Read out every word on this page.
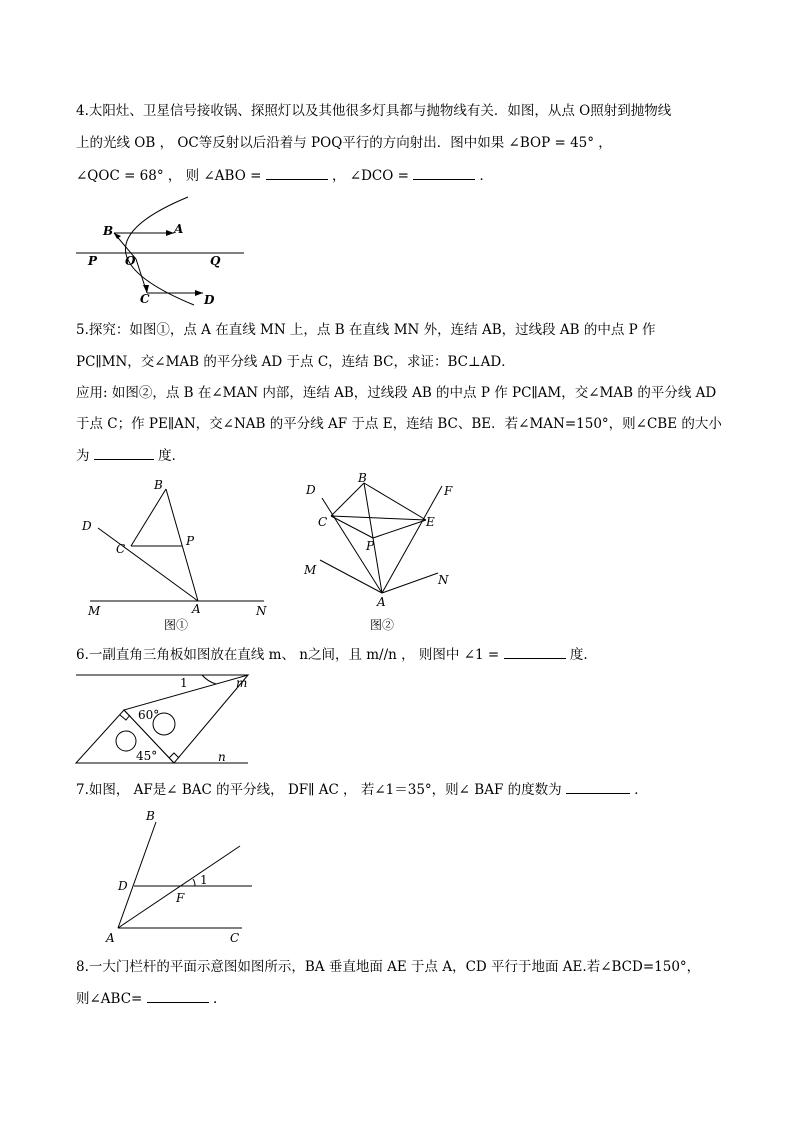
4.太阳灶、卫星信号接收锅、探照灯以及其他很多灯具都与抛物线有关．如图，从点 O照射到抛物线
上的光线 OB ， OC等反射以后沿着与 POQ平行的方向射出．图中如果 ∠BOP = 45° ，
∠QOC = 68° ， 则 ∠ABO =	， ∠DCO =	．
B	A
P O	Q
C	D
5.探究：如图①，点 A 在直线 MN 上，点 B 在直线 MN 外，连结 AB，过线段 AB 的中点 P 作
PC∥MN，交∠MAB 的平分线 AD 于点 C，连结 BC，求证：BC⊥AD．
应用: 如图②，点 B 在∠MAN 内部，连结 AB，过线段 AB 的中点 P 作 PC∥AM，交∠MAB 的平分线 AD
于点 C；作 PE∥AN，交∠NAB 的平分线 AF 于点 E，连结 BC、BE．若∠MAN=150°，则∠CBE 的大小
为	度．
B
D
C
P
M	A	N
图①
B
D	F
C	E
P
M
N
A
图②
6.一副直角三角板如图放在直线 m、 n之间，且 m//n ， 则图中 ∠1 =	度.
1	m
60°
45°	n
7.如图， AF是∠ BAC 的平分线， DF∥ AC ， 若∠1＝35°，则∠ BAF 的度数为	．
B
D	1
F
A	C
8.一大门栏杆的平面示意图如图所示，BA 垂直地面 AE 于点 A，CD 平行于地面 AE.若∠BCD=150°，
则∠ABC=	.
